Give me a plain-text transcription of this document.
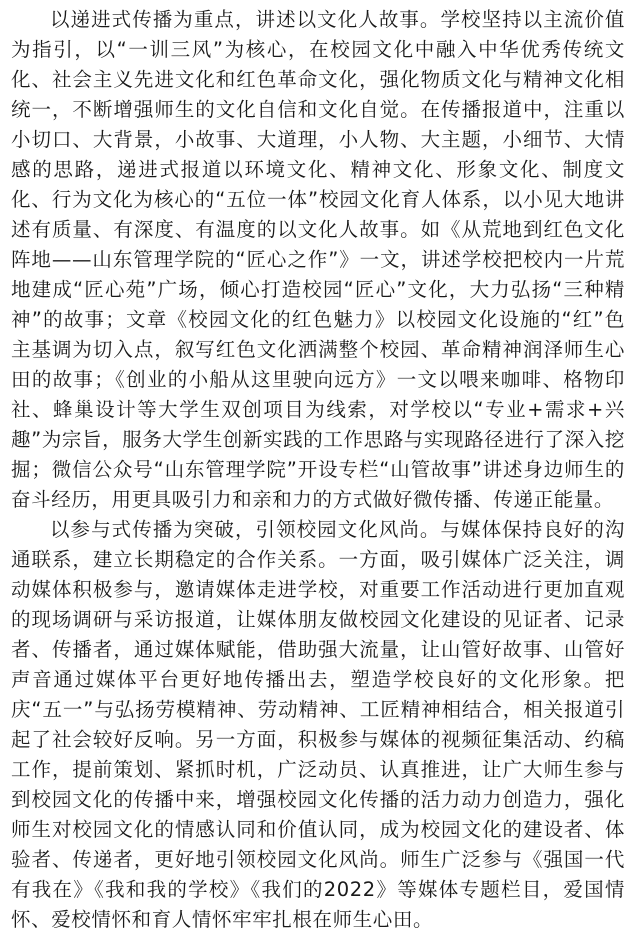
以递进式传播为重点，讲述以文化人故事。学校坚持以主流价值为指引，以“一训三风”为核心，在校园文化中融入中华优秀传统文化、社会主义先进文化和红色革命文化，强化物质文化与精神文化相统一，不断增强师生的文化自信和文化自觉。在传播报道中，注重以小切口、大背景，小故事、大道理，小人物、大主题，小细节、大情感的思路，递进式报道以环境文化、精神文化、形象文化、制度文化、行为文化为核心的“五位一体”校园文化育人体系，以小见大地讲述有质量、有深度、有温度的以文化人故事。如《从荒地到红色文化阵地——山东管理学院的“匠心之作”》一文，讲述学校把校内一片荒地建成“匠心苑”广场，倾心打造校园“匠心”文化，大力弘扬“三种精神”的故事；文章《校园文化的红色魅力》以校园文化设施的“红”色主基调为切入点，叙写红色文化洒满整个校园、革命精神润泽师生心田的故事；《创业的小船从这里驶向远方》一文以喂来咖啡、格物印社、蜂巢设计等大学生双创项目为线索，对学校以“专业+需求+兴趣”为宗旨，服务大学生创新实践的工作思路与实现路径进行了深入挖掘；微信公众号“山东管理学院”开设专栏“山管故事”讲述身边师生的奋斗经历，用更具吸引力和亲和力的方式做好微传播、传递正能量。

以参与式传播为突破，引领校园文化风尚。与媒体保持良好的沟通联系，建立长期稳定的合作关系。一方面，吸引媒体广泛关注，调动媒体积极参与，邀请媒体走进学校，对重要工作活动进行更加直观的现场调研与采访报道，让媒体朋友做校园文化建设的见证者、记录者、传播者，通过媒体赋能，借助强大流量，让山管好故事、山管好声音通过媒体平台更好地传播出去，塑造学校良好的文化形象。把庆“五一”与弘扬劳模精神、劳动精神、工匠精神相结合，相关报道引起了社会较好反响。另一方面，积极参与媒体的视频征集活动、约稿工作，提前策划、紧抓时机，广泛动员、认真推进，让广大师生参与到校园文化的传播中来，增强校园文化传播的活力动力创造力，强化师生对校园文化的情感认同和价值认同，成为校园文化的建设者、体验者、传递者，更好地引领校园文化风尚。师生广泛参与《强国一代有我在》《我和我的学校》《我们的2022》等媒体专题栏目，爱国情怀、爱校情怀和育人情怀牢牢扎根在师生心田。
